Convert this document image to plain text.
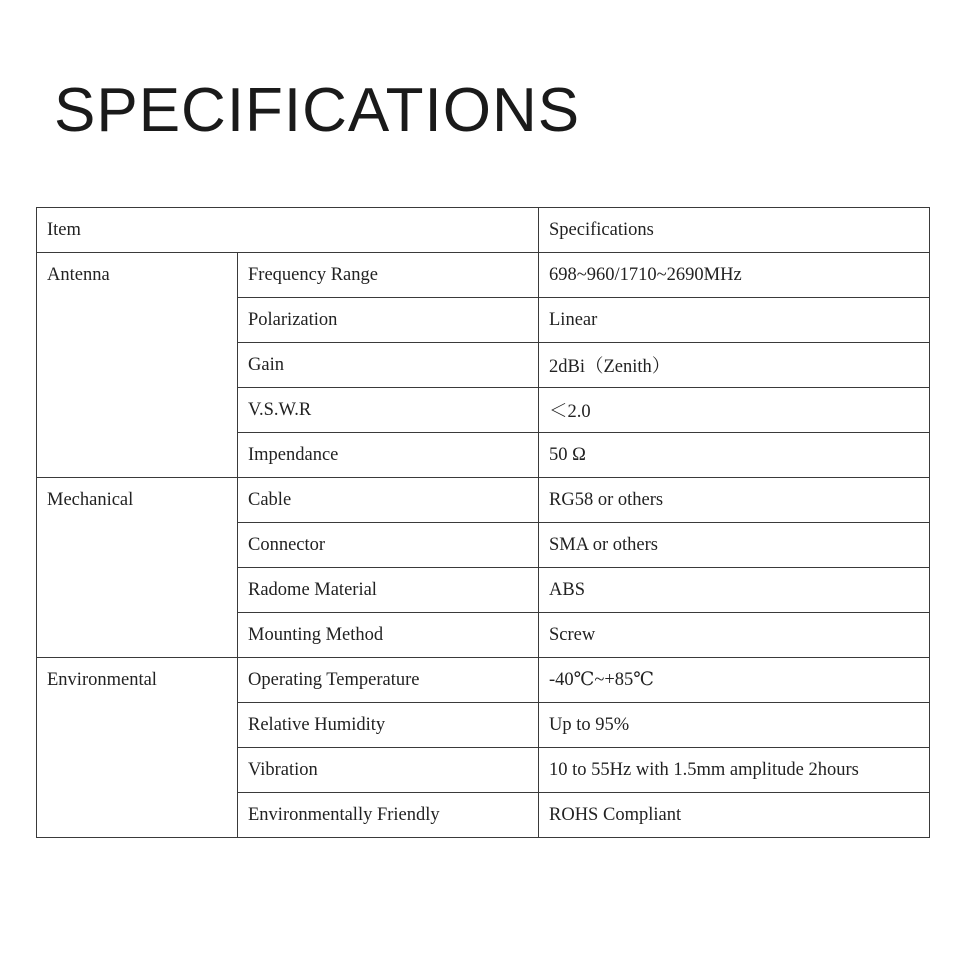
SPECIFICATIONS
Item		Specifications
Antenna	Frequency Range	698~960/1710~2690MHz
	Polarization	Linear
	Gain	2dBi（Zenith）
	V.S.W.R	＜2.0
	Impendance	50 Ω
Mechanical	Cable	RG58 or others
	Connector	SMA or others
	Radome Material	ABS
	Mounting Method	Screw
Environmental	Operating Temperature	-40℃~+85℃
	Relative Humidity	Up to 95%
	Vibration	10 to 55Hz with 1.5mm amplitude 2hours
	Environmentally Friendly	ROHS Compliant
